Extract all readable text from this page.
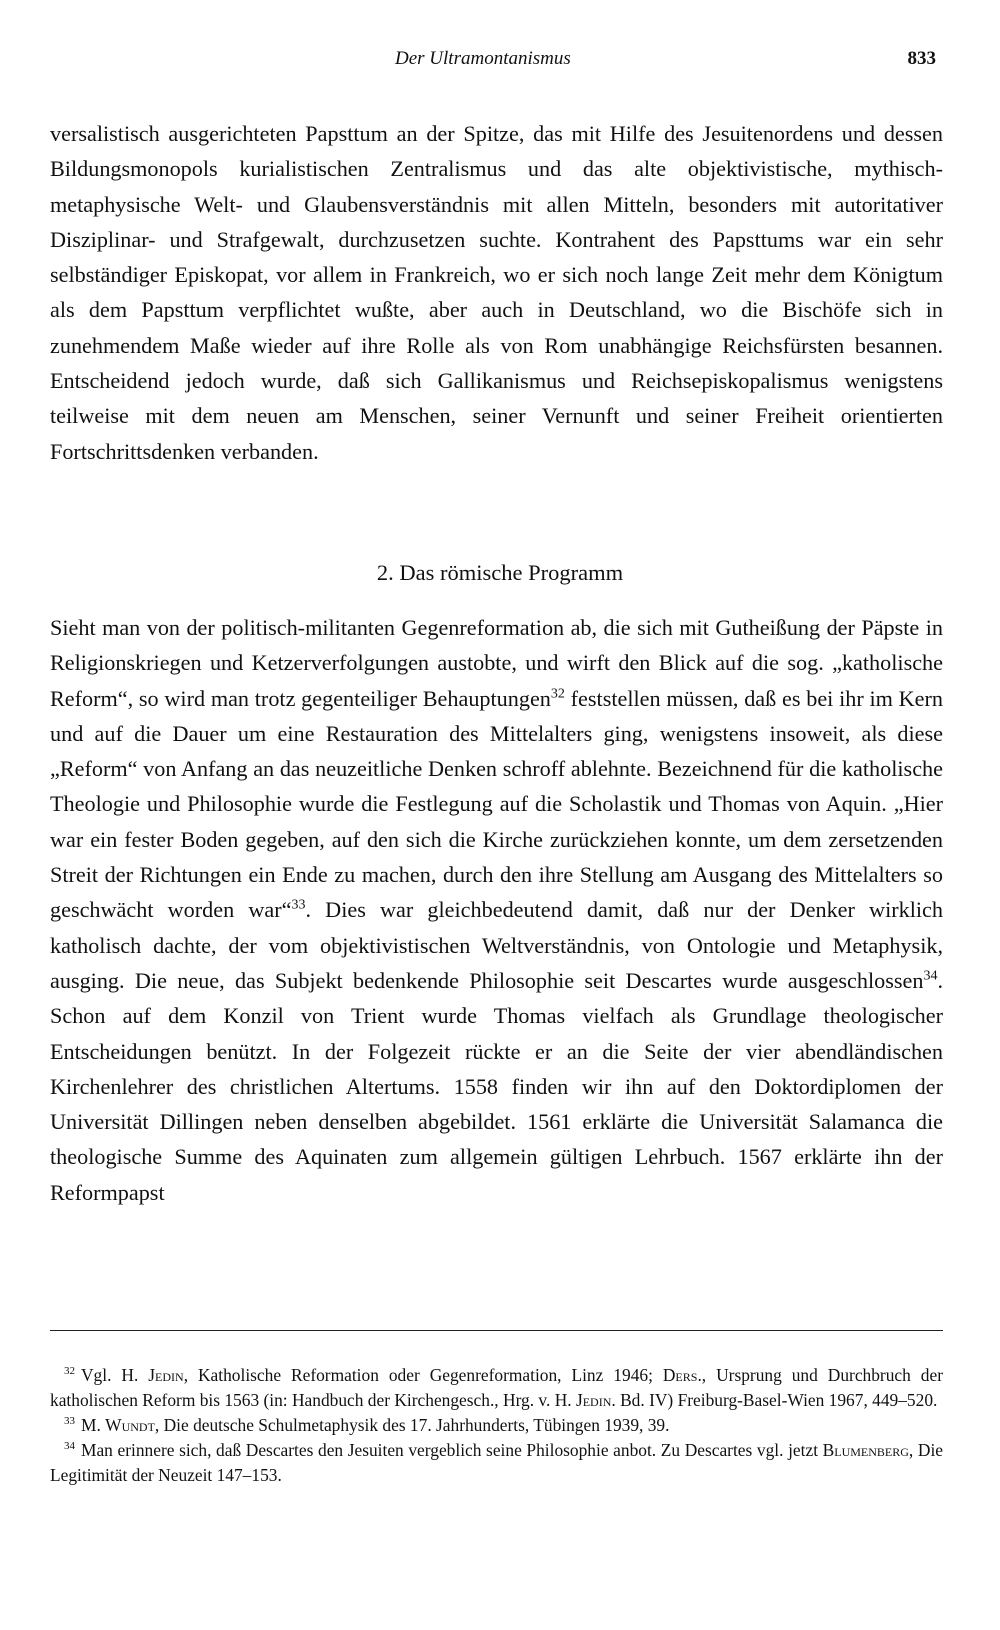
Der Ultramontanismus	833

versalistisch ausgerichteten Papsttum an der Spitze, das mit Hilfe des Jesuitenordens und dessen Bildungsmonopols kurialistischen Zentralismus und das alte objektivistische, mythisch-metaphysische Welt- und Glaubensverständnis mit allen Mitteln, besonders mit autoritativer Disziplinar- und Strafgewalt, durchzusetzen suchte. Kontrahent des Papsttums war ein sehr selbständiger Episkopat, vor allem in Frankreich, wo er sich noch lange Zeit mehr dem Königtum als dem Papsttum verpflichtet wußte, aber auch in Deutschland, wo die Bischöfe sich in zunehmendem Maße wieder auf ihre Rolle als von Rom unabhängige Reichsfürsten besannen. Entscheidend jedoch wurde, daß sich Gallikanismus und Reichsepiskopalismus wenigstens teilweise mit dem neuen am Menschen, seiner Vernunft und seiner Freiheit orientierten Fortschrittsdenken verbanden.

2. Das römische Programm

Sieht man von der politisch-militanten Gegenreformation ab, die sich mit Gutheißung der Päpste in Religionskriegen und Ketzerverfolgungen austobte, und wirft den Blick auf die sog. „katholische Reform“, so wird man trotz gegenteiliger Behauptungen$^{32}$ feststellen müssen, daß es bei ihr im Kern und auf die Dauer um eine Restauration des Mittelalters ging, wenigstens insoweit, als diese „Reform“ von Anfang an das neuzeitliche Denken schroff ablehnte. Bezeichnend für die katholische Theologie und Philosophie wurde die Festlegung auf die Scholastik und Thomas von Aquin. „Hier war ein fester Boden gegeben, auf den sich die Kirche zurückziehen konnte, um dem zersetzenden Streit der Richtungen ein Ende zu machen, durch den ihre Stellung am Ausgang des Mittelalters so geschwächt worden war“$^{33}$. Dies war gleichbedeutend damit, daß nur der Denker wirklich katholisch dachte, der vom objektivistischen Weltverständnis, von Ontologie und Metaphysik, ausging. Die neue, das Subjekt bedenkende Philosophie seit Descartes wurde ausgeschlossen$^{34}$. Schon auf dem Konzil von Trient wurde Thomas vielfach als Grundlage theologischer Entscheidungen benützt. In der Folgezeit rückte er an die Seite der vier abendländischen Kirchenlehrer des christlichen Altertums. 1558 finden wir ihn auf den Doktordiplomen der Universität Dillingen neben denselben abgebildet. 1561 erklärte die Universität Salamanca die theologische Summe des Aquinaten zum allgemein gültigen Lehrbuch. 1567 erklärte ihn der Reformpapst

$^{32}$ Vgl. H. Jedin, Katholische Reformation oder Gegenreformation, Linz 1946; Ders., Ursprung und Durchbruch der katholischen Reform bis 1563 (in: Handbuch der Kirchengesch., Hrg. v. H. Jedin. Bd. IV) Freiburg-Basel-Wien 1967, 449–520.

$^{33}$ M. Wundt, Die deutsche Schulmetaphysik des 17. Jahrhunderts, Tübingen 1939, 39.

$^{34}$ Man erinnere sich, daß Descartes den Jesuiten vergeblich seine Philosophie anbot. Zu Descartes vgl. jetzt Blumenberg, Die Legitimität der Neuzeit 147–153.
